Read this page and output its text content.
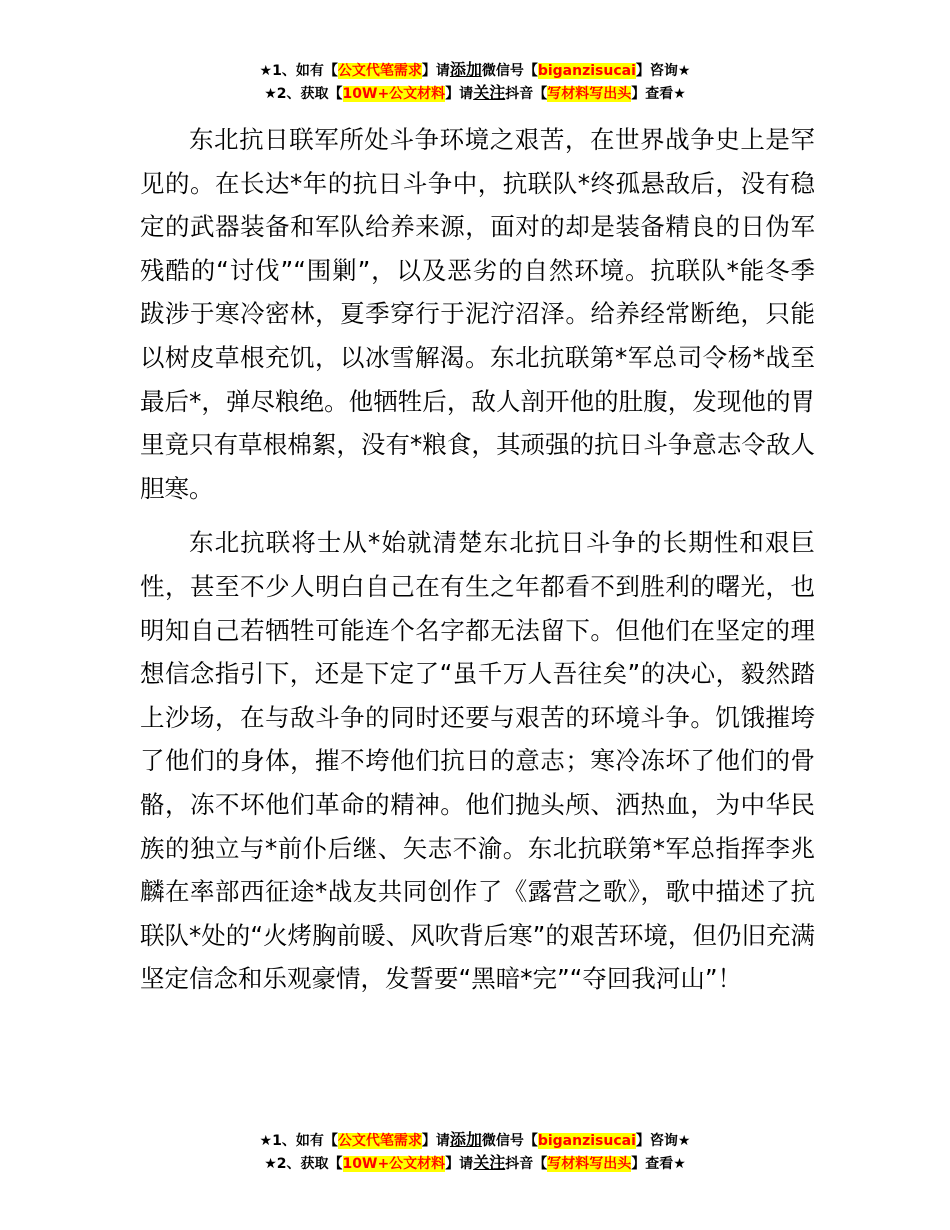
★1、如有【公文代笔需求】请添加微信号【biganzisucai】咨询★
★2、获取【10W+公文材料】请关注抖音【写材料写出头】查看★

东北抗日联军所处斗争环境之艰苦，在世界战争史上是罕见的。在长达*年的抗日斗争中，抗联队*终孤悬敌后，没有稳定的武器装备和军队给养来源，面对的却是装备精良的日伪军残酷的“讨伐”“围剿”，以及恶劣的自然环境。抗联队*能冬季跋涉于寒冷密林，夏季穿行于泥泞沼泽。给养经常断绝，只能以树皮草根充饥，以冰雪解渴。东北抗联第*军总司令杨*战至最后*，弹尽粮绝。他牺牲后，敌人剖开他的肚腹，发现他的胃里竟只有草根棉絮，没有*粮食，其顽强的抗日斗争意志令敌人胆寒。

东北抗联将士从*始就清楚东北抗日斗争的长期性和艰巨性，甚至不少人明白自己在有生之年都看不到胜利的曙光，也明知自己若牺牲可能连个名字都无法留下。但他们在坚定的理想信念指引下，还是下定了“虽千万人吾往矣”的决心，毅然踏上沙场，在与敌斗争的同时还要与艰苦的环境斗争。饥饿摧垮了他们的身体，摧不垮他们抗日的意志；寒冷冻坏了他们的骨骼，冻不坏他们革命的精神。他们抛头颅、洒热血，为中华民族的独立与*前仆后继、矢志不渝。东北抗联第*军总指挥李兆麟在率部西征途*战友共同创作了《露营之歌》，歌中描述了抗联队*处的“火烤胸前暖、风吹背后寒”的艰苦环境，但仍旧充满坚定信念和乐观豪情，发誓要“黑暗*完”“夺回我河山”！

★1、如有【公文代笔需求】请添加微信号【biganzisucai】咨询★
★2、获取【10W+公文材料】请关注抖音【写材料写出头】查看★
